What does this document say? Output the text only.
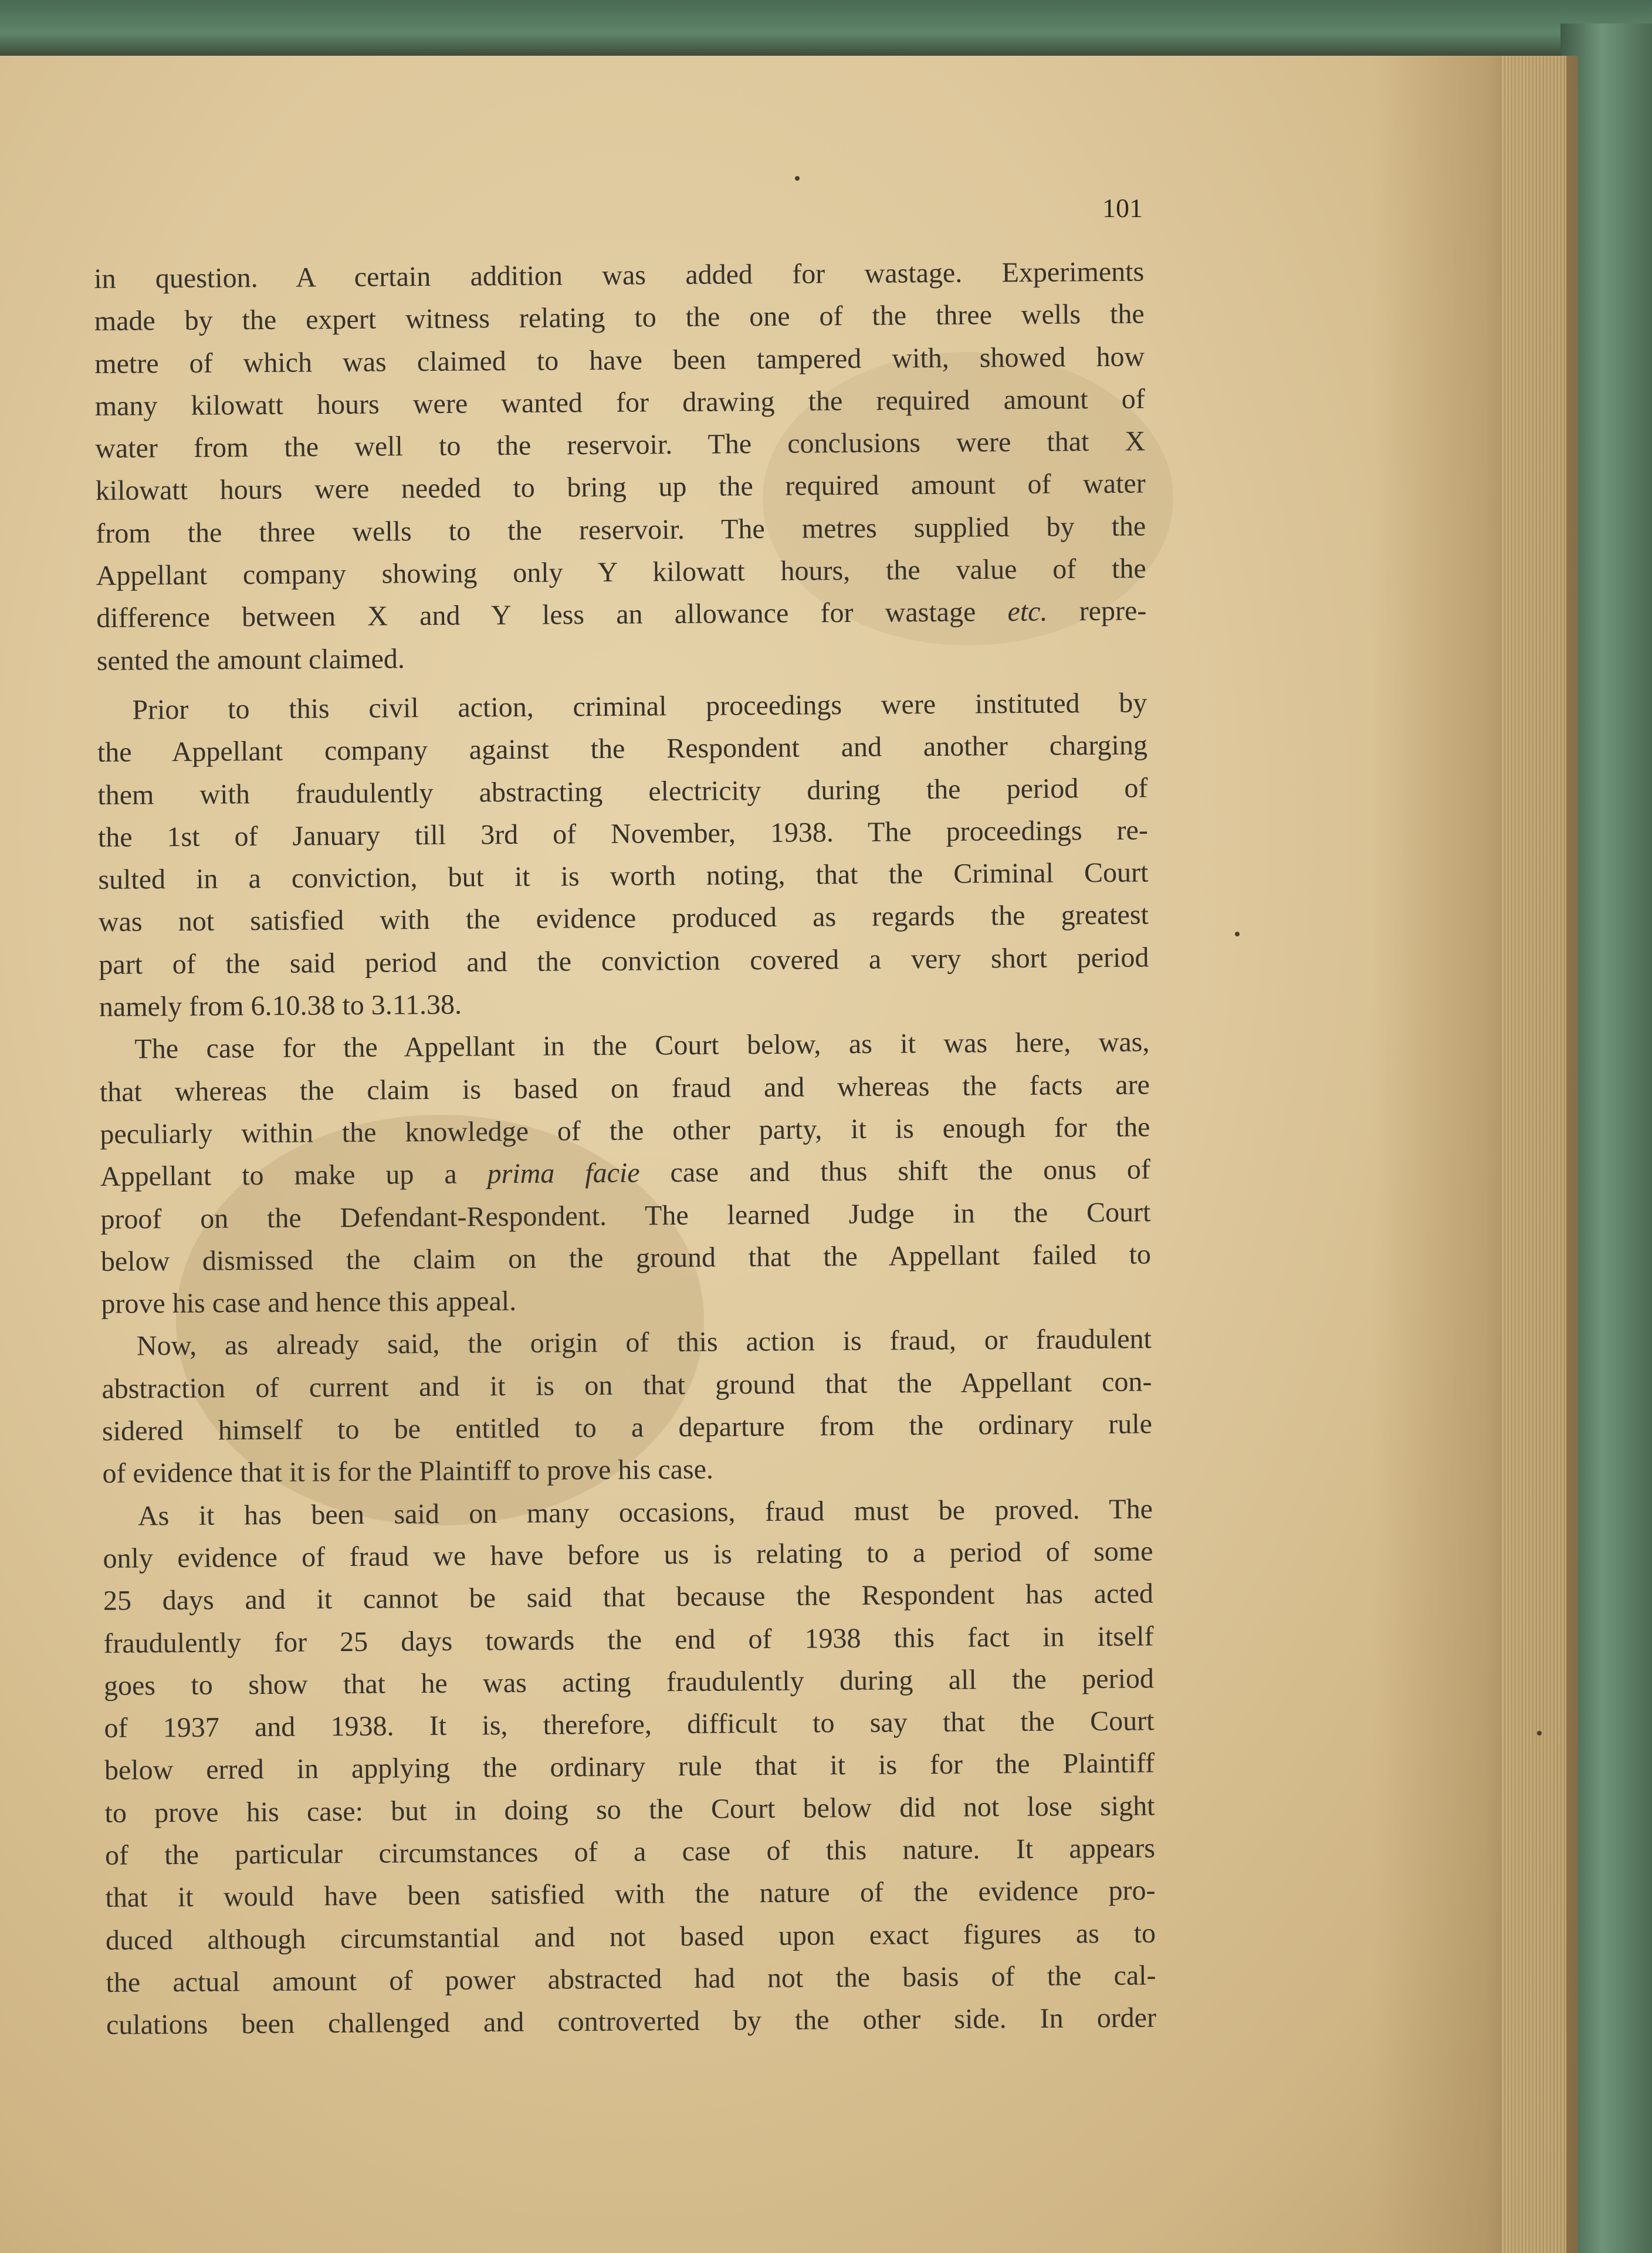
101
in question. A certain addition was added for wastage. Experiments
made by the expert witness relating to the one of the three wells the
metre of which was claimed to have been tampered with, showed how
many kilowatt hours were wanted for drawing the required amount of
water from the well to the reservoir. The conclusions were that X
kilowatt hours were needed to bring up the required amount of water
from the three wells to the reservoir. The metres supplied by the
Appellant company showing only Y kilowatt hours, the value of the
difference between X and Y less an allowance for wastage etc. repre-
sented the amount claimed.
Prior to this civil action, criminal proceedings were instituted by
the Appellant company against the Respondent and another charging
them with fraudulently abstracting electricity during the period of
the 1st of January till 3rd of November, 1938. The proceedings re-
sulted in a conviction, but it is worth noting, that the Criminal Court
was not satisfied with the evidence produced as regards the greatest
part of the said period and the conviction covered a very short period
namely from 6.10.38 to 3.11.38.
The case for the Appellant in the Court below, as it was here, was,
that whereas the claim is based on fraud and whereas the facts are
peculiarly within the knowledge of the other party, it is enough for the
Appellant to make up a prima facie case and thus shift the onus of
proof on the Defendant-Respondent. The learned Judge in the Court
below dismissed the claim on the ground that the Appellant failed to
prove his case and hence this appeal.
Now, as already said, the origin of this action is fraud, or fraudulent
abstraction of current and it is on that ground that the Appellant con-
sidered himself to be entitled to a departure from the ordinary rule
of evidence that it is for the Plaintiff to prove his case.
As it has been said on many occasions, fraud must be proved. The
only evidence of fraud we have before us is relating to a period of some
25 days and it cannot be said that because the Respondent has acted
fraudulently for 25 days towards the end of 1938 this fact in itself
goes to show that he was acting fraudulently during all the period
of 1937 and 1938. It is, therefore, difficult to say that the Court
below erred in applying the ordinary rule that it is for the Plaintiff
to prove his case: but in doing so the Court below did not lose sight
of the particular circumstances of a case of this nature. It appears
that it would have been satisfied with the nature of the evidence pro-
duced although circumstantial and not based upon exact figures as to
the actual amount of power abstracted had not the basis of the cal-
culations been challenged and controverted by the other side. In order
